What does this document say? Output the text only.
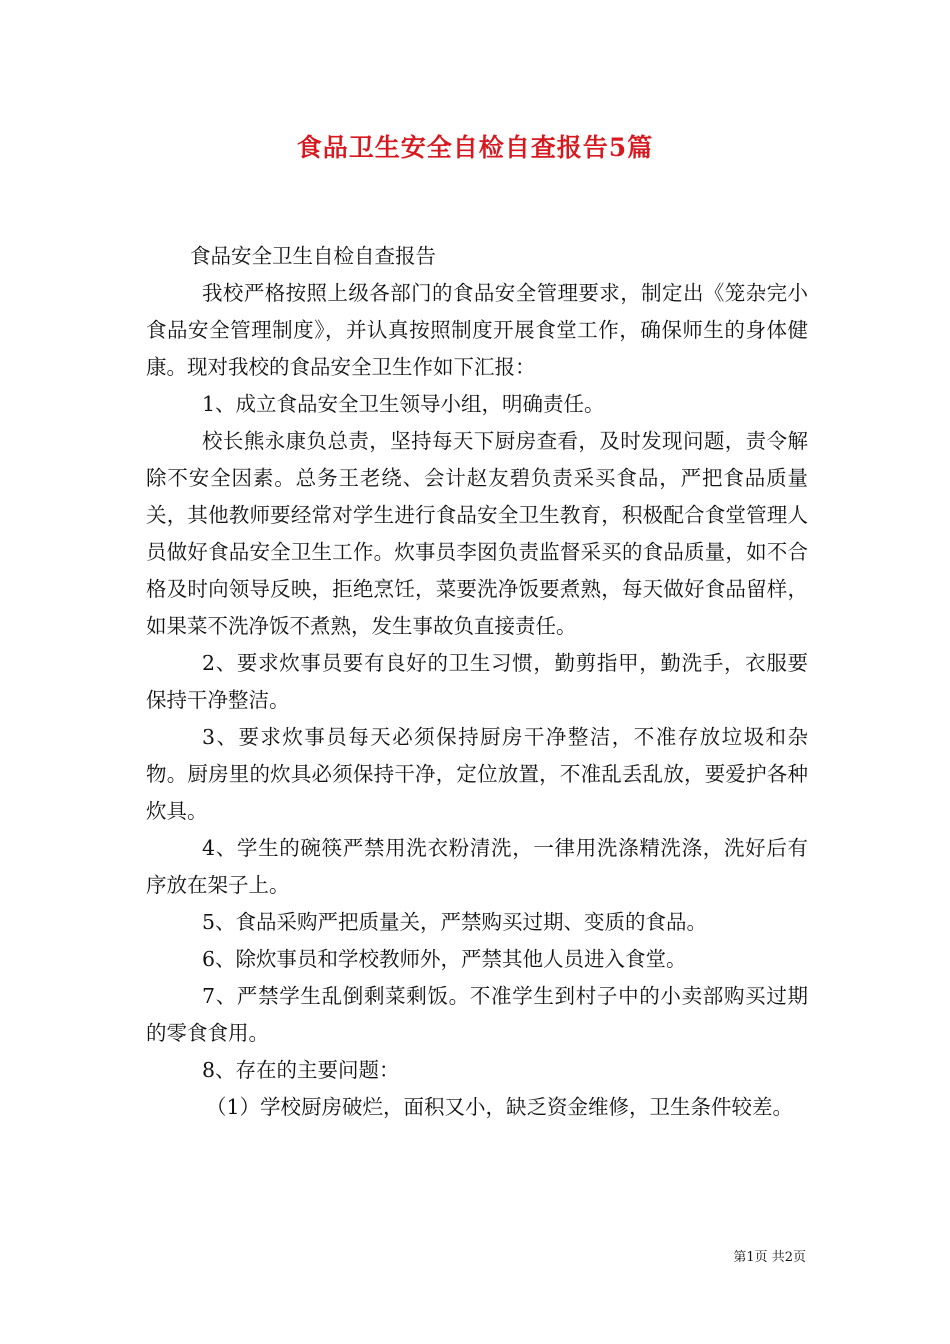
食品卫生安全自检自查报告5篇

食品安全卫生自检自查报告

我校严格按照上级各部门的食品安全管理要求，制定出《笼杂完小食品安全管理制度》，并认真按照制度开展食堂工作，确保师生的身体健康。现对我校的食品安全卫生作如下汇报：

1、成立食品安全卫生领导小组，明确责任。

校长熊永康负总责，坚持每天下厨房查看，及时发现问题，责令解除不安全因素。总务王老绕、会计赵友碧负责采买食品，严把食品质量关，其他教师要经常对学生进行食品安全卫生教育，积极配合食堂管理人员做好食品安全卫生工作。炊事员李囡负责监督采买的食品质量，如不合格及时向领导反映，拒绝烹饪，菜要洗净饭要煮熟，每天做好食品留样，如果菜不洗净饭不煮熟，发生事故负直接责任。

2、要求炊事员要有良好的卫生习惯，勤剪指甲，勤洗手，衣服要保持干净整洁。

3、要求炊事员每天必须保持厨房干净整洁，不准存放垃圾和杂物。厨房里的炊具必须保持干净，定位放置，不准乱丢乱放，要爱护各种炊具。

4、学生的碗筷严禁用洗衣粉清洗，一律用洗涤精洗涤，洗好后有序放在架子上。

5、食品采购严把质量关，严禁购买过期、变质的食品。

6、除炊事员和学校教师外，严禁其他人员进入食堂。

7、严禁学生乱倒剩菜剩饭。不准学生到村子中的小卖部购买过期的零食食用。

8、存在的主要问题：

（1）学校厨房破烂，面积又小，缺乏资金维修，卫生条件较差。

第1页 共2页
